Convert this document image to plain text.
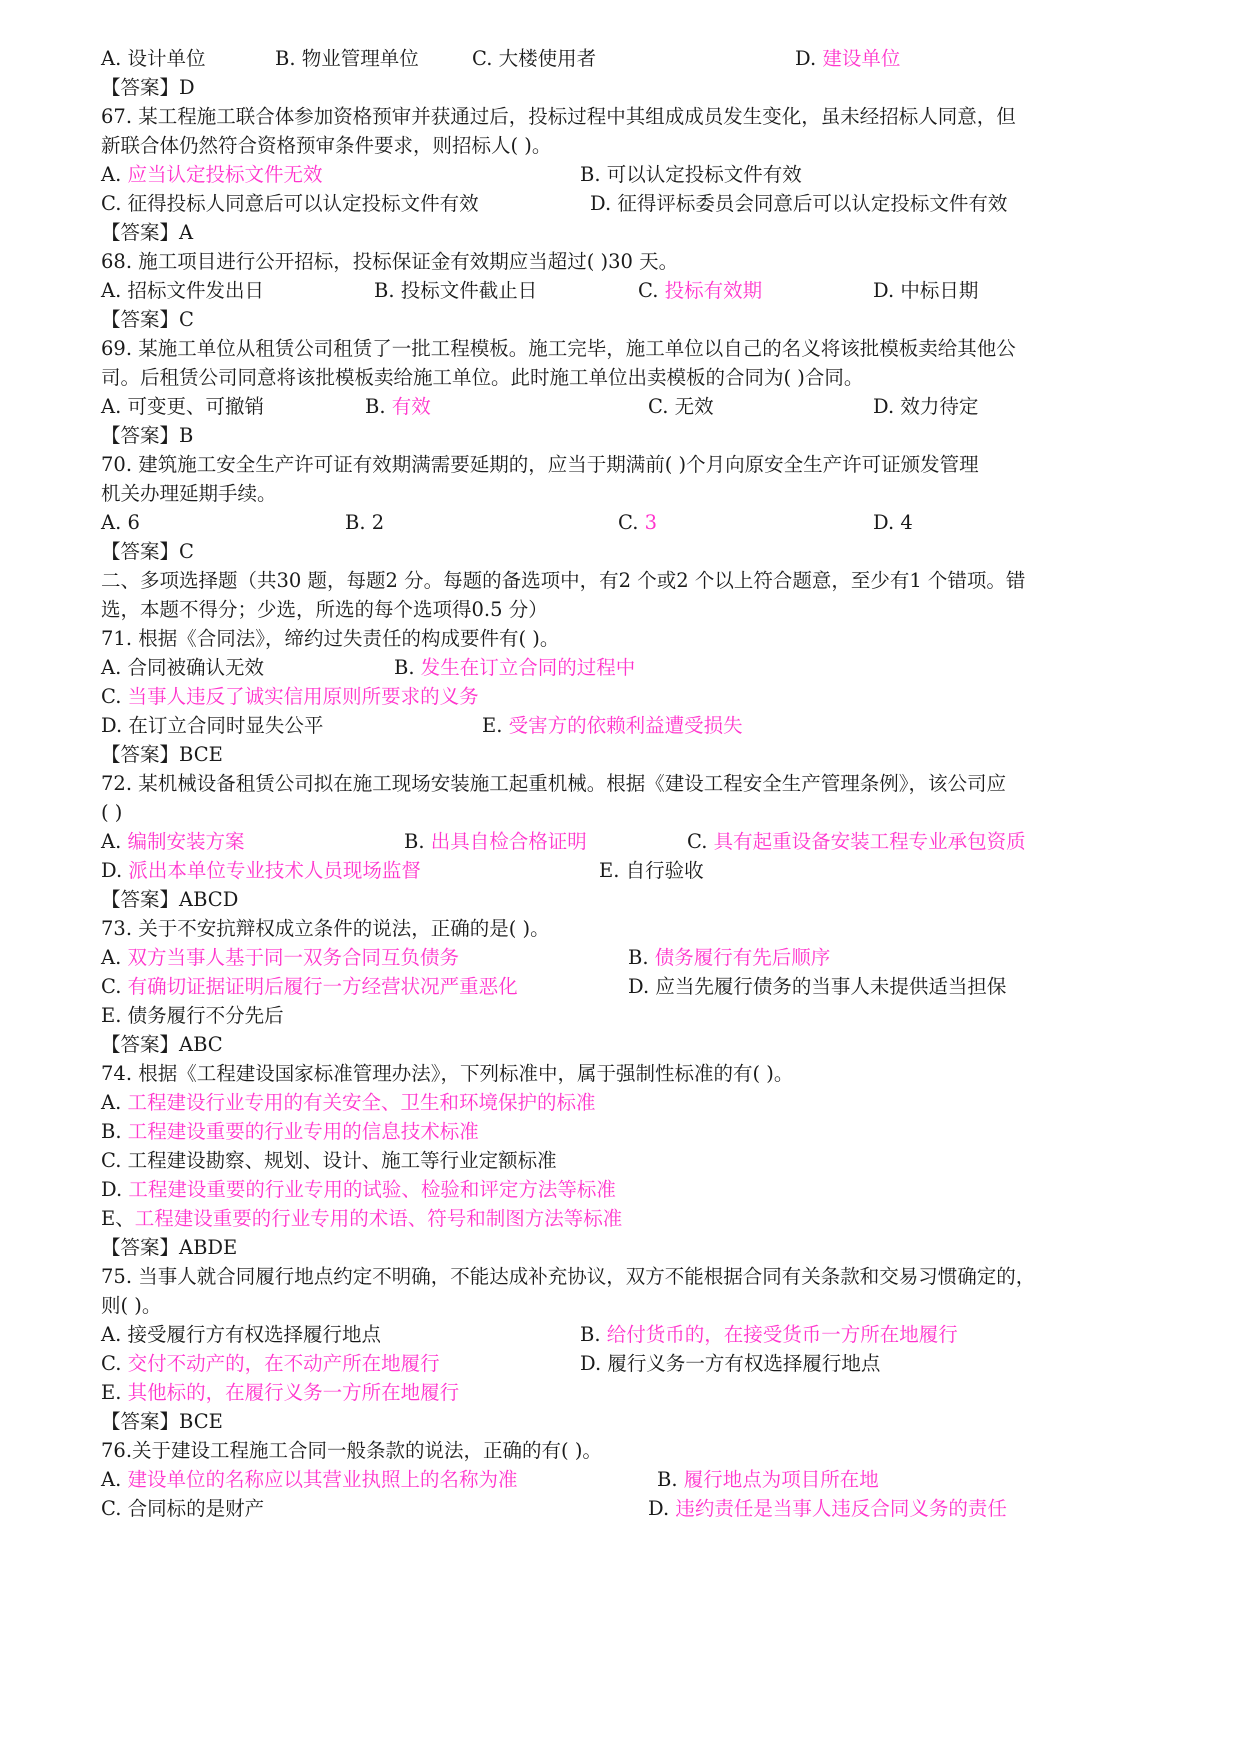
A. 设计单位	B. 物业管理单位	C. 大楼使用者	D. 建设单位
【答案】D
67. 某工程施工联合体参加资格预审并获通过后，投标过程中其组成成员发生变化，虽未经招标人同意，但
新联合体仍然符合资格预审条件要求，则招标人( )。
A. 应当认定投标文件无效	B. 可以认定投标文件有效
C. 征得投标人同意后可以认定投标文件有效	D. 征得评标委员会同意后可以认定投标文件有效
【答案】A
68. 施工项目进行公开招标，投标保证金有效期应当超过( )30 天。
A. 招标文件发出日	B. 投标文件截止日	C. 投标有效期	D. 中标日期
【答案】C
69. 某施工单位从租赁公司租赁了一批工程模板。施工完毕，施工单位以自己的名义将该批模板卖给其他公
司。后租赁公司同意将该批模板卖给施工单位。此时施工单位出卖模板的合同为( )合同。
A. 可变更、可撤销	B. 有效	C. 无效	D. 效力待定
【答案】B
70. 建筑施工安全生产许可证有效期满需要延期的，应当于期满前( )个月向原安全生产许可证颁发管理
机关办理延期手续。
A. 6	B. 2	C. 3	D. 4
【答案】C
二、多项选择题（共30 题，每题2 分。每题的备选项中，有2 个或2 个以上符合题意，至少有1 个错项。错
选，本题不得分；少选，所选的每个选项得0.5 分）
71. 根据《合同法》，缔约过失责任的构成要件有( )。
A. 合同被确认无效	B. 发生在订立合同的过程中
C. 当事人违反了诚实信用原则所要求的义务
D. 在订立合同时显失公平	E. 受害方的依赖利益遭受损失
【答案】BCE
72. 某机械设备租赁公司拟在施工现场安装施工起重机械。根据《建设工程安全生产管理条例》，该公司应
( )
A. 编制安装方案	B. 出具自检合格证明	C. 具有起重设备安装工程专业承包资质
D. 派出本单位专业技术人员现场监督	E. 自行验收
【答案】ABCD
73. 关于不安抗辩权成立条件的说法，正确的是( )。
A. 双方当事人基于同一双务合同互负债务	B. 债务履行有先后顺序
C. 有确切证据证明后履行一方经营状况严重恶化	D. 应当先履行债务的当事人未提供适当担保
E. 债务履行不分先后
【答案】ABC
74. 根据《工程建设国家标准管理办法》，下列标准中，属于强制性标准的有( )。
A. 工程建设行业专用的有关安全、卫生和环境保护的标准
B. 工程建设重要的行业专用的信息技术标准
C. 工程建设勘察、规划、设计、施工等行业定额标准
D. 工程建设重要的行业专用的试验、检验和评定方法等标准
E、工程建设重要的行业专用的术语、符号和制图方法等标准
【答案】ABDE
75. 当事人就合同履行地点约定不明确，不能达成补充协议，双方不能根据合同有关条款和交易习惯确定的，
则( )。
A. 接受履行方有权选择履行地点	B. 给付货币的，在接受货币一方所在地履行
C. 交付不动产的，在不动产所在地履行	D. 履行义务一方有权选择履行地点
E. 其他标的，在履行义务一方所在地履行
【答案】BCE
76.关于建设工程施工合同一般条款的说法，正确的有( )。
A. 建设单位的名称应以其营业执照上的名称为准	B. 履行地点为项目所在地
C. 合同标的是财产	D. 违约责任是当事人违反合同义务的责任
